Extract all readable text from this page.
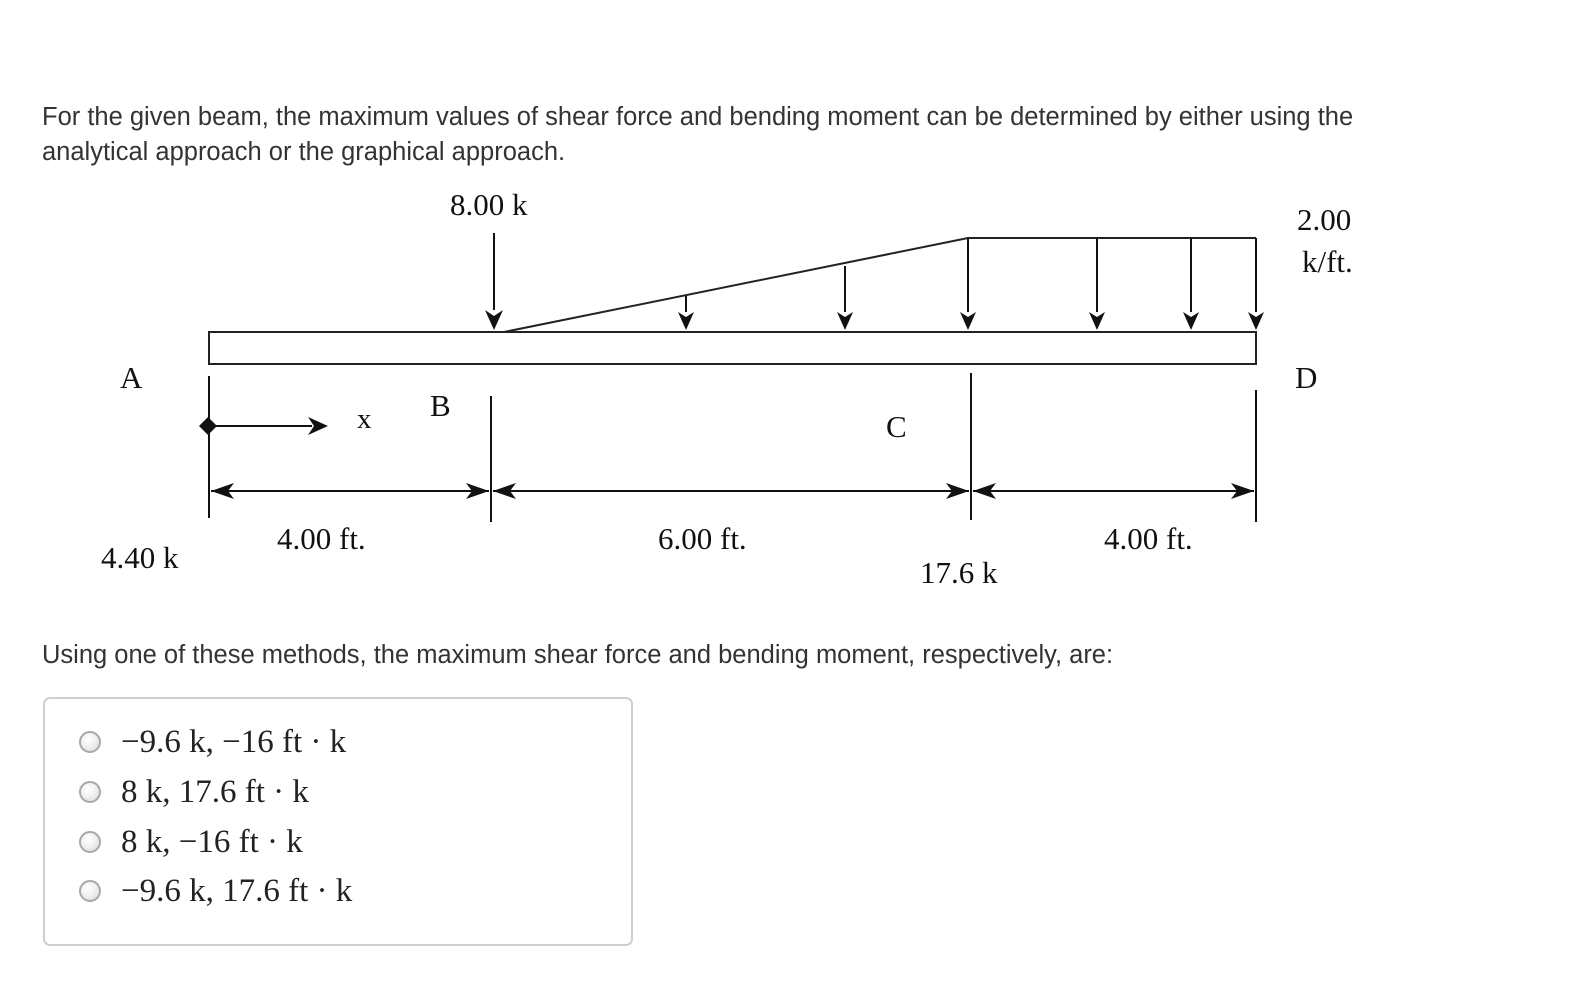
For the given beam, the maximum values of shear force and bending moment can be determined by either using the analytical approach or the graphical approach.

8.00 k	2.00
k/ft.
A
B
C
D
x
4.00 ft.	6.00 ft.	4.00 ft.
4.40 k	17.6 k

Using one of these methods, the maximum shear force and bending moment, respectively, are:

−9.6 k, −16 ft · k
8 k, 17.6 ft · k
8 k, −16 ft · k
−9.6 k, 17.6 ft · k
